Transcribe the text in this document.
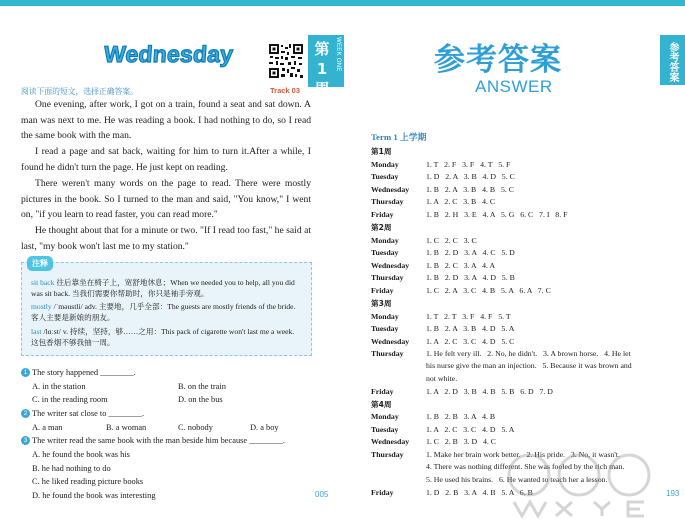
第1周
WEEK ONE
Wednesday
Track 03
阅读下面的短文，选择正确答案。

One evening, after work, I got on a train, found a seat and sat down. A man was next to me. He was reading a book. I had nothing to do, so I read the same book with the man.

I read a page and sat back, waiting for him to turn it.After a while, I found he didn't turn the page. He just kept on reading.

There weren't many words on the page to read. There were mostly pictures in the book. So I turned to the man and said, "You know," I went on, "if you learn to read faster, you can read more."

He thought about that for a minute or two. "If I read too fast," he said at last, "my book won't last me to my station."

注释
sit back 往后靠坐在椅子上，宽舒地休息；When we needed you to help, all you did was sit back. 当我们需要你帮助时，你只是袖手旁观。
mostly /ˈməustli/ adv. 主要地，几乎全部：The guests are mostly friends of the bride. 客人主要是新娘的朋友。
last /lɑːst/ v. 持续，坚持，够……之用：This pack of cigarette won't last me a week. 这包香烟不够我抽一周。
1 The story happened ________.
A. in the station	B. on the train
C. in the reading room	D. on the bus
2 The writer sat close to ________.
A. a man	B. a woman	C. nobody	D. a boy
3 The writer read the same book with the man beside him because ________.
A. he found the book was his
B. he had nothing to do
C. he liked reading picture books
D. he found the book was interesting	005
参考答案
参考答案
ANSWER
Term 1 上学期
第1周
Monday	1. T   2. F   3. F   4. T   5. F
Tuesday	1. D   2. A   3. B   4. D   5. C
Wednesday 1. B   2. A   3. B   4. B   5. C
Thursday	1. A   2. C   3. B   4. C
Friday	1. B   2. H   3. E   4. A   5. G   6. C   7. I   8. F
第2周
Monday	1. C   2. C   3. C
Tuesday	1. B   2. D   3. A   4. C   5. D
Wednesday 1. B   2. C   3. A   4. A
Thursday	1. B   2. D   3. A   4. D   5. B
Friday	1. C   2. A   3. C   4. B   5. A   6. A   7. C
第3周
Monday	1. T   2. T   3. F   4. F   5. T
Tuesday	1. B   2. A   3. B   4. D   5. A
Wednesday 1. A   2. C   3. C   4. D   5. C
Thursday	1. He felt very ill.   2. No, he didn't.   3. A brown horse.   4. He let
his nurse give the man an injection.   5. Because it was brown and
not white.
Friday	1. A   2. D   3. B   4. B   5. B   6. D   7. D
第4周
Monday	1. B   2. B   3. A   4. B
Tuesday	1. A   2. C   3. C   4. D   5. A
Wednesday 1. C   2. B   3. D   4. C
Thursday	1. Make her brain work better.   2. His pride.   3. No, it wasn't.
4. There was nothing different. She was fooled by the rich man.
5. He used his brains.   6. He wanted to teach her a lesson.
Friday	1. D   2. B   3. A   4. B   5. A   6. B	193
